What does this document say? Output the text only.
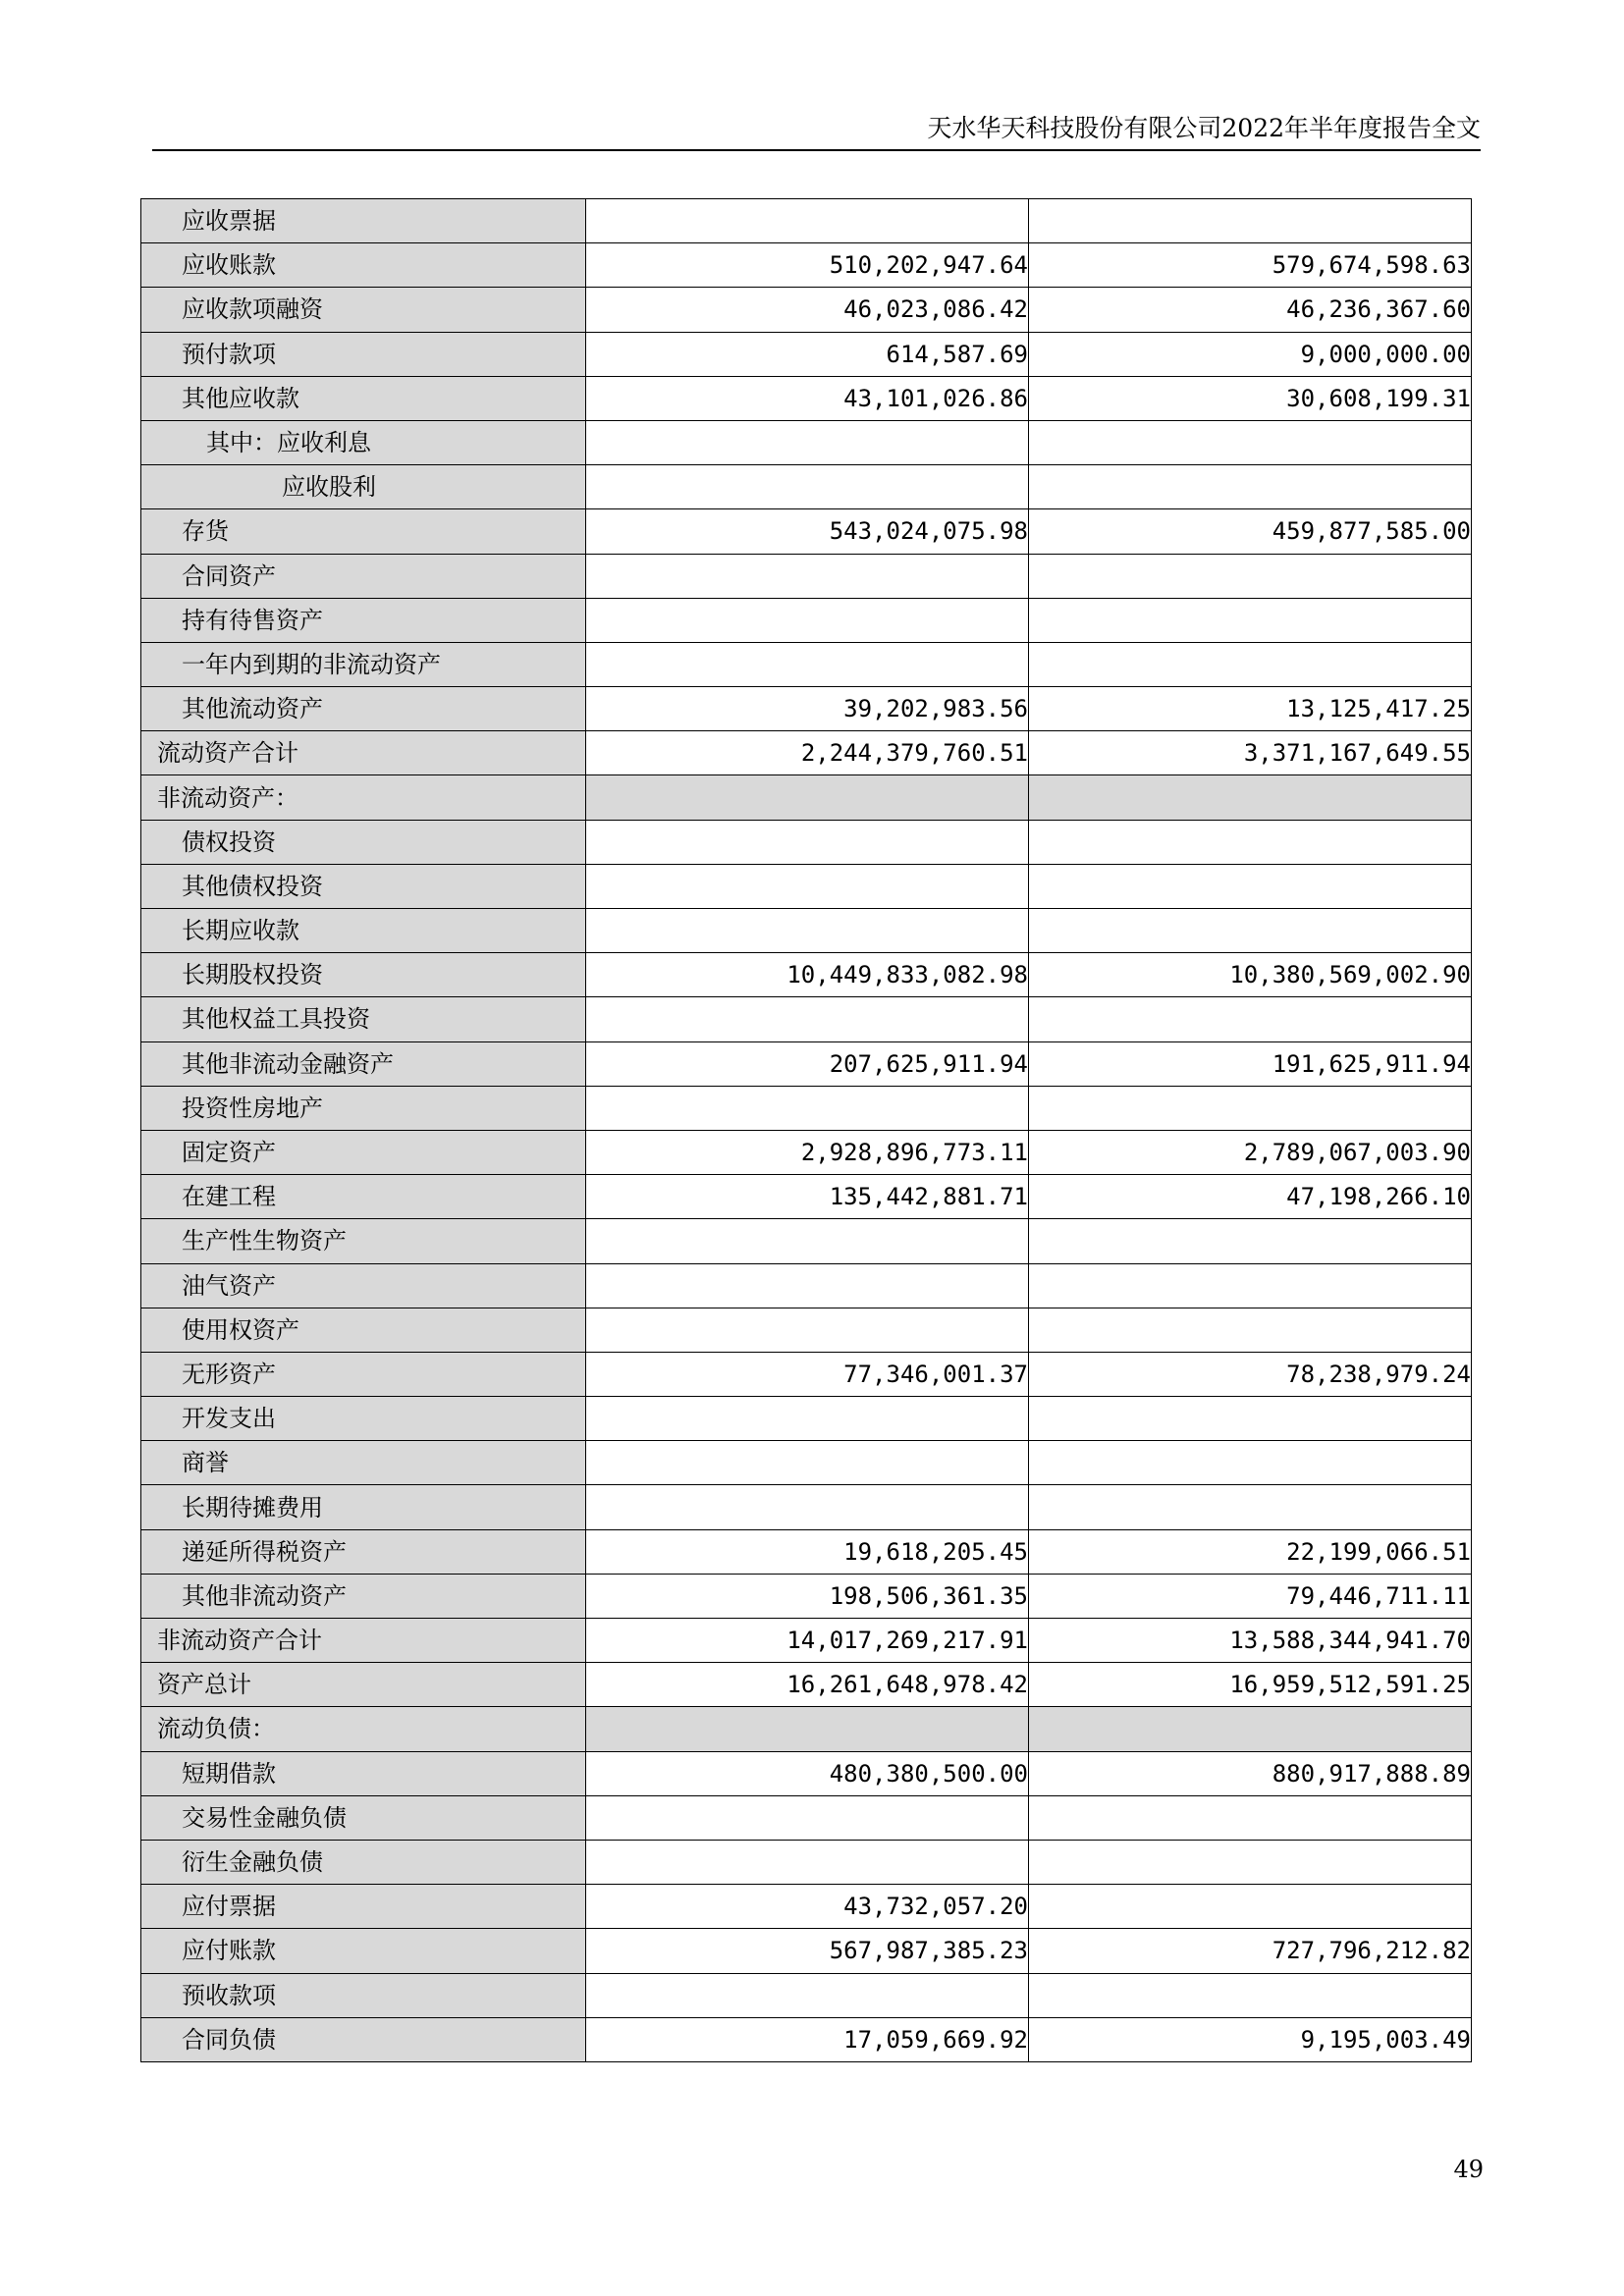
天水华天科技股份有限公司2022年半年度报告全文
应收票据		
应收账款	510,202,947.64	579,674,598.63
应收款项融资	46,023,086.42	46,236,367.60
预付款项	614,587.69	9,000,000.00
其他应收款	43,101,026.86	30,608,199.31
其中：应收利息		
应收股利		
存货	543,024,075.98	459,877,585.00
合同资产		
持有待售资产		
一年内到期的非流动资产		
其他流动资产	39,202,983.56	13,125,417.25
流动资产合计	2,244,379,760.51	3,371,167,649.55
非流动资产：		
债权投资		
其他债权投资		
长期应收款		
长期股权投资	10,449,833,082.98	10,380,569,002.90
其他权益工具投资		
其他非流动金融资产	207,625,911.94	191,625,911.94
投资性房地产		
固定资产	2,928,896,773.11	2,789,067,003.90
在建工程	135,442,881.71	47,198,266.10
生产性生物资产		
油气资产		
使用权资产		
无形资产	77,346,001.37	78,238,979.24
开发支出		
商誉		
长期待摊费用		
递延所得税资产	19,618,205.45	22,199,066.51
其他非流动资产	198,506,361.35	79,446,711.11
非流动资产合计	14,017,269,217.91	13,588,344,941.70
资产总计	16,261,648,978.42	16,959,512,591.25
流动负债：		
短期借款	480,380,500.00	880,917,888.89
交易性金融负债		
衍生金融负债		
应付票据	43,732,057.20	
应付账款	567,987,385.23	727,796,212.82
预收款项		
合同负债	17,059,669.92	9,195,003.49
49
